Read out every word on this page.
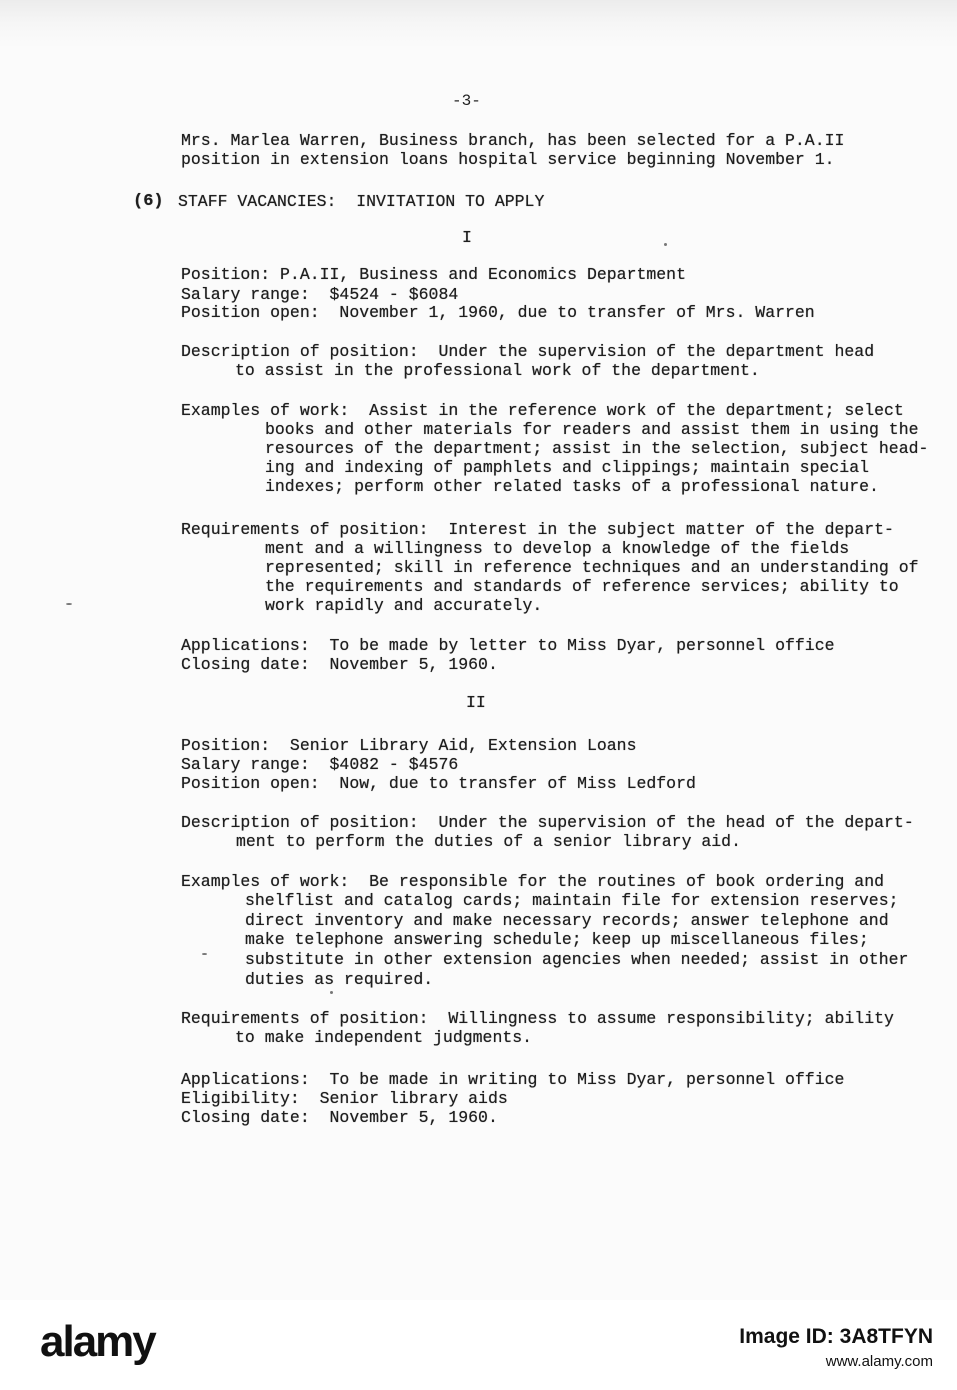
-3-
Mrs. Marlea Warren, Business branch, has been selected for a P.A.II
position in extension loans hospital service beginning November 1.
(6) STAFF VACANCIES:  INVITATION TO APPLY
I
Position: P.A.II, Business and Economics Department
Salary range:  $4524 - $6084
Position open:  November 1, 1960, due to transfer of Mrs. Warren
Description of position:  Under the supervision of the department head
to assist in the professional work of the department.
Examples of work:  Assist in the reference work of the department; select
books and other materials for readers and assist them in using the
resources of the department; assist in the selection, subject head-
ing and indexing of pamphlets and clippings; maintain special
indexes; perform other related tasks of a professional nature.
Requirements of position:  Interest in the subject matter of the depart-
ment and a willingness to develop a knowledge of the fields
represented; skill in reference techniques and an understanding of
the requirements and standards of reference services; ability to
work rapidly and accurately.
Applications:  To be made by letter to Miss Dyar, personnel office
Closing date:  November 5, 1960.
II
Position:  Senior Library Aid, Extension Loans
Salary range:  $4082 - $4576
Position open:  Now, due to transfer of Miss Ledford
Description of position:  Under the supervision of the head of the depart-
ment to perform the duties of a senior library aid.
Examples of work:  Be responsible for the routines of book ordering and
shelflist and catalog cards; maintain file for extension reserves;
direct inventory and make necessary records; answer telephone and
make telephone answering schedule; keep up miscellaneous files;
substitute in other extension agencies when needed; assist in other
duties as required.
Requirements of position:  Willingness to assume responsibility; ability
to make independent judgments.
Applications:  To be made in writing to Miss Dyar, personnel office
Eligibility:  Senior library aids
Closing date:  November 5, 1960.
alamy	Image ID: 3A8TFYN
www.alamy.com
